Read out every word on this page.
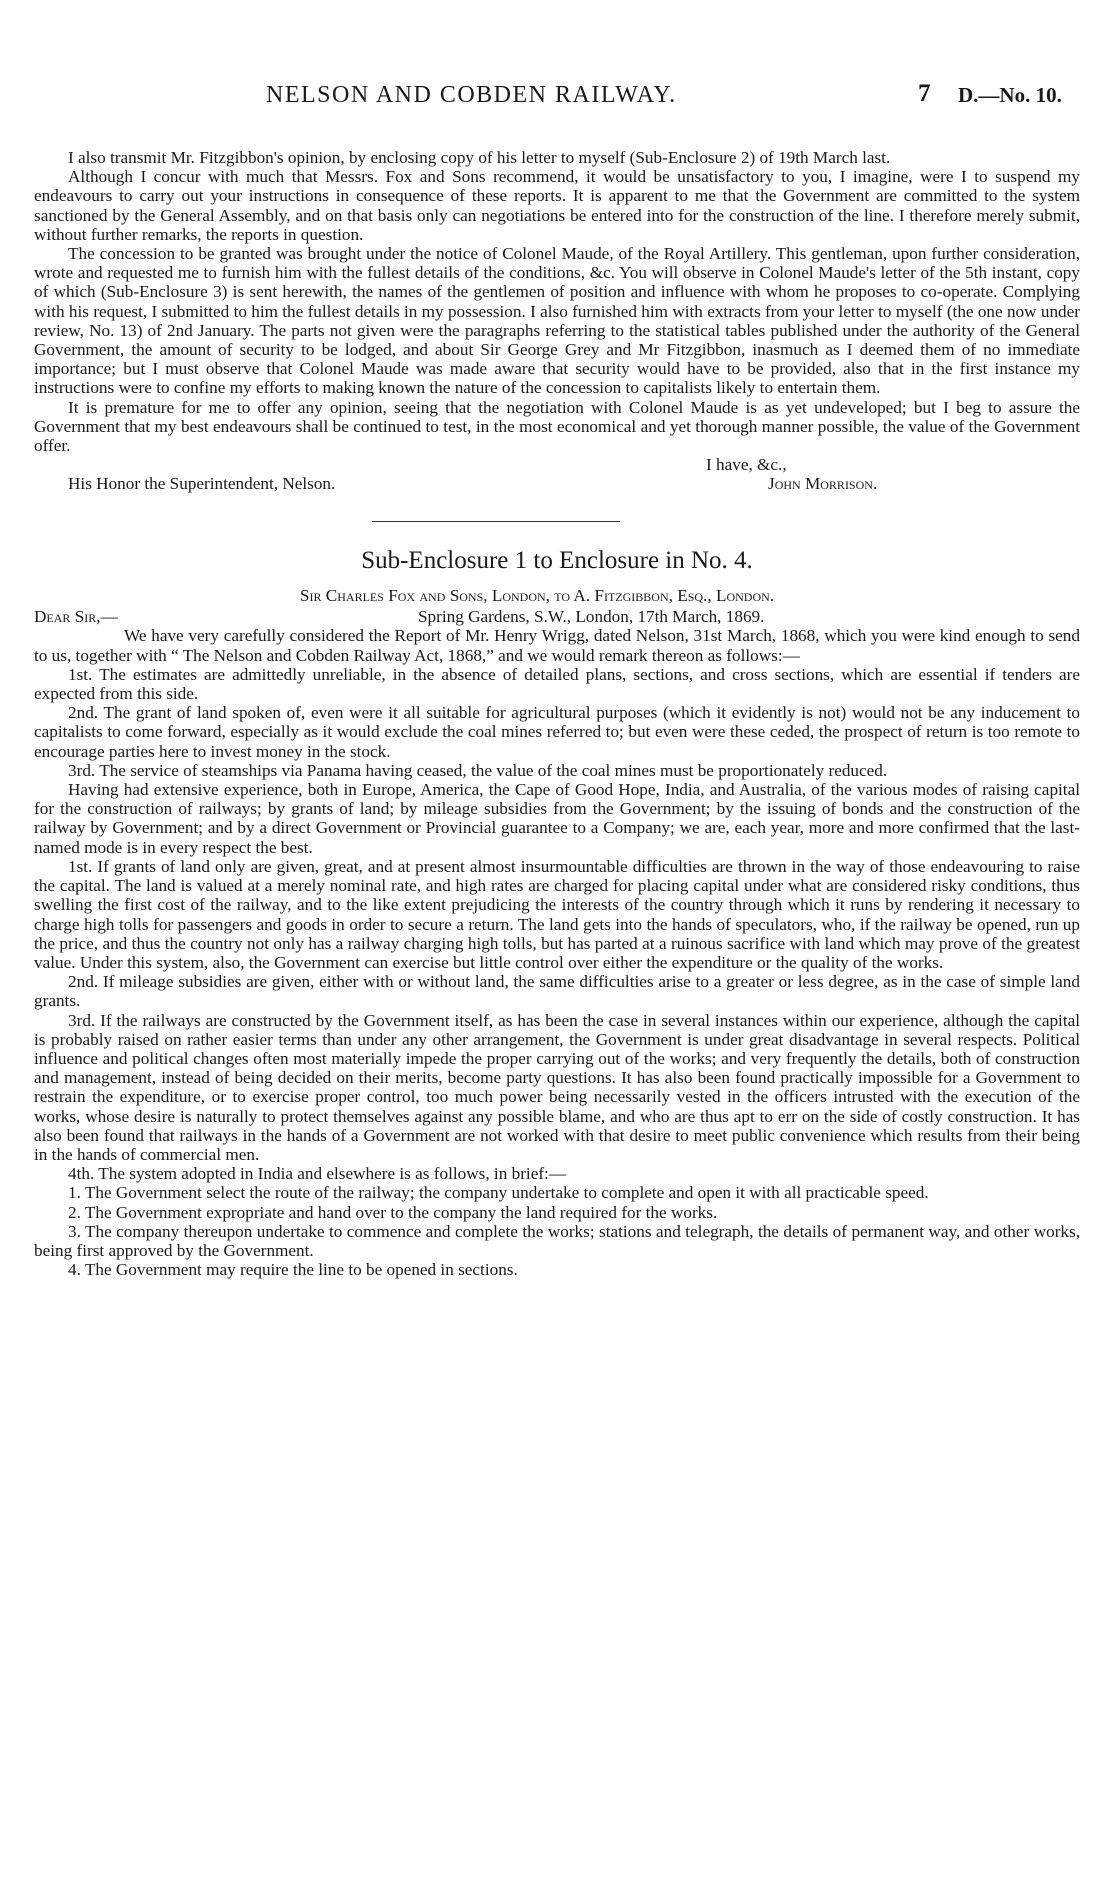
NELSON AND COBDEN RAILWAY.	7 D.—No. 10.

I also transmit Mr. Fitzgibbon's opinion, by enclosing copy of his letter to myself (Sub-Enclosure 2) of 19th March last.

Although I concur with much that Messrs. Fox and Sons recommend, it would be unsatisfactory to you, I imagine, were I to suspend my endeavours to carry out your instructions in consequence of these reports. It is apparent to me that the Government are committed to the system sanctioned by the General Assembly, and on that basis only can negotiations be entered into for the construction of the line. I therefore merely submit, without further remarks, the reports in question.

The concession to be granted was brought under the notice of Colonel Maude, of the Royal Artillery. This gentleman, upon further consideration, wrote and requested me to furnish him with the fullest details of the conditions, &c. You will observe in Colonel Maude's letter of the 5th instant, copy of which (Sub-Enclosure 3) is sent herewith, the names of the gentlemen of position and influence with whom he proposes to co-operate. Complying with his request, I submitted to him the fullest details in my possession. I also furnished him with extracts from your letter to myself (the one now under review, No. 13) of 2nd January. The parts not given were the paragraphs referring to the statistical tables published under the authority of the General Government, the amount of security to be lodged, and about Sir George Grey and Mr Fitzgibbon, inasmuch as I deemed them of no immediate importance; but I must observe that Colonel Maude was made aware that security would have to be provided, also that in the first instance my instructions were to confine my efforts to making known the nature of the concession to capitalists likely to entertain them.

It is premature for me to offer any opinion, seeing that the negotiation with Colonel Maude is as yet undeveloped; but I beg to assure the Government that my best endeavours shall be continued to test, in the most economical and yet thorough manner possible, the value of the Government offer.

I have, &c.,
His Honor the Superintendent, Nelson.	John Morrison.
Sub-Enclosure 1 to Enclosure in No. 4.
Sir Charles Fox and Sons, London, to A. Fitzgibbon, Esq., London.
Dear Sir,—	Spring Gardens, S.W., London, 17th March, 1869.

We have very carefully considered the Report of Mr. Henry Wrigg, dated Nelson, 31st March, 1868, which you were kind enough to send to us, together with “ The Nelson and Cobden Railway Act, 1868,” and we would remark thereon as follows:—

1st. The estimates are admittedly unreliable, in the absence of detailed plans, sections, and cross sections, which are essential if tenders are expected from this side.

2nd. The grant of land spoken of, even were it all suitable for agricultural purposes (which it evidently is not) would not be any inducement to capitalists to come forward, especially as it would exclude the coal mines referred to; but even were these ceded, the prospect of return is too remote to encourage parties here to invest money in the stock.

3rd. The service of steamships via Panama having ceased, the value of the coal mines must be proportionately reduced.

Having had extensive experience, both in Europe, America, the Cape of Good Hope, India, and Australia, of the various modes of raising capital for the construction of railways; by grants of land; by mileage subsidies from the Government; by the issuing of bonds and the construction of the railway by Government; and by a direct Government or Provincial guarantee to a Company; we are, each year, more and more confirmed that the last-named mode is in every respect the best.

1st. If grants of land only are given, great, and at present almost insurmountable difficulties are thrown in the way of those endeavouring to raise the capital. The land is valued at a merely nominal rate, and high rates are charged for placing capital under what are considered risky conditions, thus swelling the first cost of the railway, and to the like extent prejudicing the interests of the country through which it runs by rendering it necessary to charge high tolls for passengers and goods in order to secure a return. The land gets into the hands of speculators, who, if the railway be opened, run up the price, and thus the country not only has a railway charging high tolls, but has parted at a ruinous sacrifice with land which may prove of the greatest value. Under this system, also, the Government can exercise but little control over either the expenditure or the quality of the works.

2nd. If mileage subsidies are given, either with or without land, the same difficulties arise to a greater or less degree, as in the case of simple land grants.

3rd. If the railways are constructed by the Government itself, as has been the case in several instances within our experience, although the capital is probably raised on rather easier terms than under any other arrangement, the Government is under great disadvantage in several respects. Political influence and political changes often most materially impede the proper carrying out of the works; and very frequently the details, both of construction and management, instead of being decided on their merits, become party questions. It has also been found practically impossible for a Government to restrain the expenditure, or to exercise proper control, too much power being necessarily vested in the officers intrusted with the execution of the works, whose desire is naturally to protect themselves against any possible blame, and who are thus apt to err on the side of costly construction. It has also been found that railways in the hands of a Government are not worked with that desire to meet public convenience which results from their being in the hands of commercial men.

4th. The system adopted in India and elsewhere is as follows, in brief:—

1. The Government select the route of the railway; the company undertake to complete and open it with all practicable speed.

2. The Government expropriate and hand over to the company the land required for the works.

3. The company thereupon undertake to commence and complete the works; stations and telegraph, the details of permanent way, and other works, being first approved by the Government.

4. The Government may require the line to be opened in sections.
